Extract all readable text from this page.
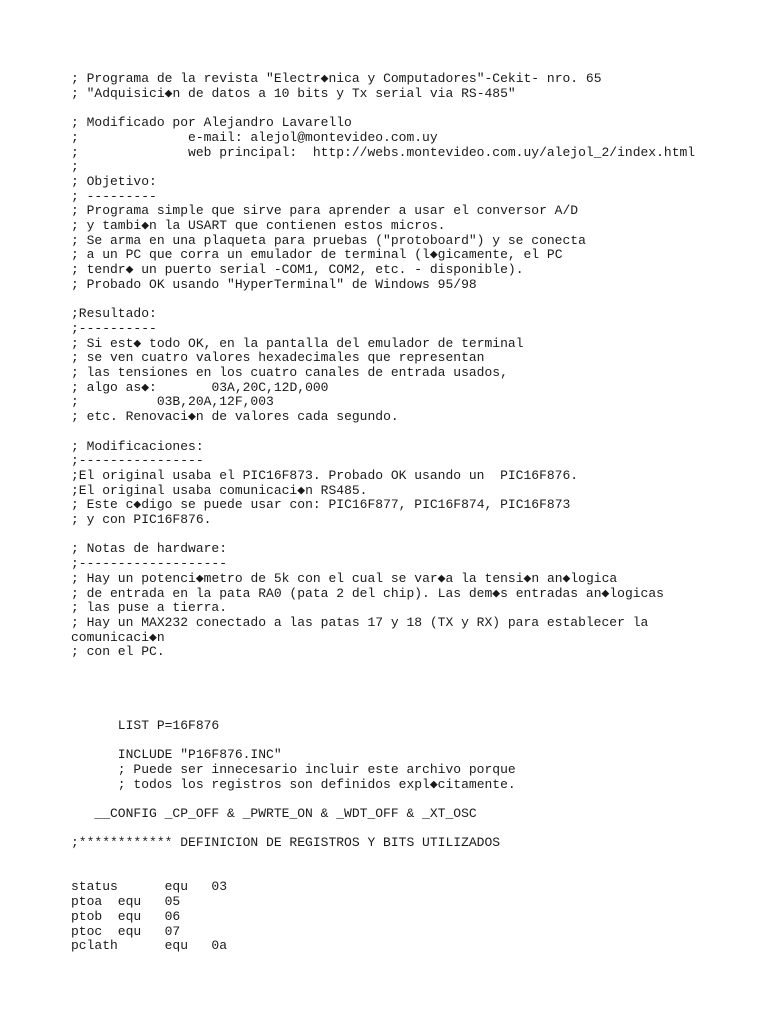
; Programa de la revista "Electr◆nica y Computadores"-Cekit- nro. 65
; "Adquisici◆n de datos a 10 bits y Tx serial via RS-485"
; Modificado por Alejandro Lavarello
;              e-mail: alejol@montevideo.com.uy
;              web principal:  http://webs.montevideo.com.uy/alejol_2/index.html
;
; Objetivo:
; ---------
; Programa simple que sirve para aprender a usar el conversor A/D
; y tambi◆n la USART que contienen estos micros.
; Se arma en una plaqueta para pruebas ("protoboard") y se conecta
; a un PC que corra un emulador de terminal (l◆gicamente, el PC
; tendr◆ un puerto serial -COM1, COM2, etc. - disponible).
; Probado OK usando "HyperTerminal" de Windows 95/98
;Resultado:
;----------
; Si est◆ todo OK, en la pantalla del emulador de terminal
; se ven cuatro valores hexadecimales que representan
; las tensiones en los cuatro canales de entrada usados,
; algo as◆:       03A,20C,12D,000
;          03B,20A,12F,003
; etc. Renovaci◆n de valores cada segundo.
; Modificaciones:
;----------------
;El original usaba el PIC16F873. Probado OK usando un  PIC16F876.
;El original usaba comunicaci◆n RS485.
; Este c◆digo se puede usar con: PIC16F877, PIC16F874, PIC16F873
; y con PIC16F876.
; Notas de hardware:
;-------------------
; Hay un potenci◆metro de 5k con el cual se var◆a la tensi◆n an◆logica
; de entrada en la pata RA0 (pata 2 del chip). Las dem◆s entradas an◆logicas
; las puse a tierra.
; Hay un MAX232 conectado a las patas 17 y 18 (TX y RX) para establecer la
comunicaci◆n
; con el PC.
LIST P=16F876
INCLUDE "P16F876.INC"
; Puede ser innecesario incluir este archivo porque
; todos los registros son definidos expl◆citamente.
__CONFIG _CP_OFF & _PWRTE_ON & _WDT_OFF & _XT_OSC
;************ DEFINICION DE REGISTROS Y BITS UTILIZADOS
status      equ   03
ptoa  equ   05
ptob  equ   06
ptoc  equ   07
pclath      equ   0a
